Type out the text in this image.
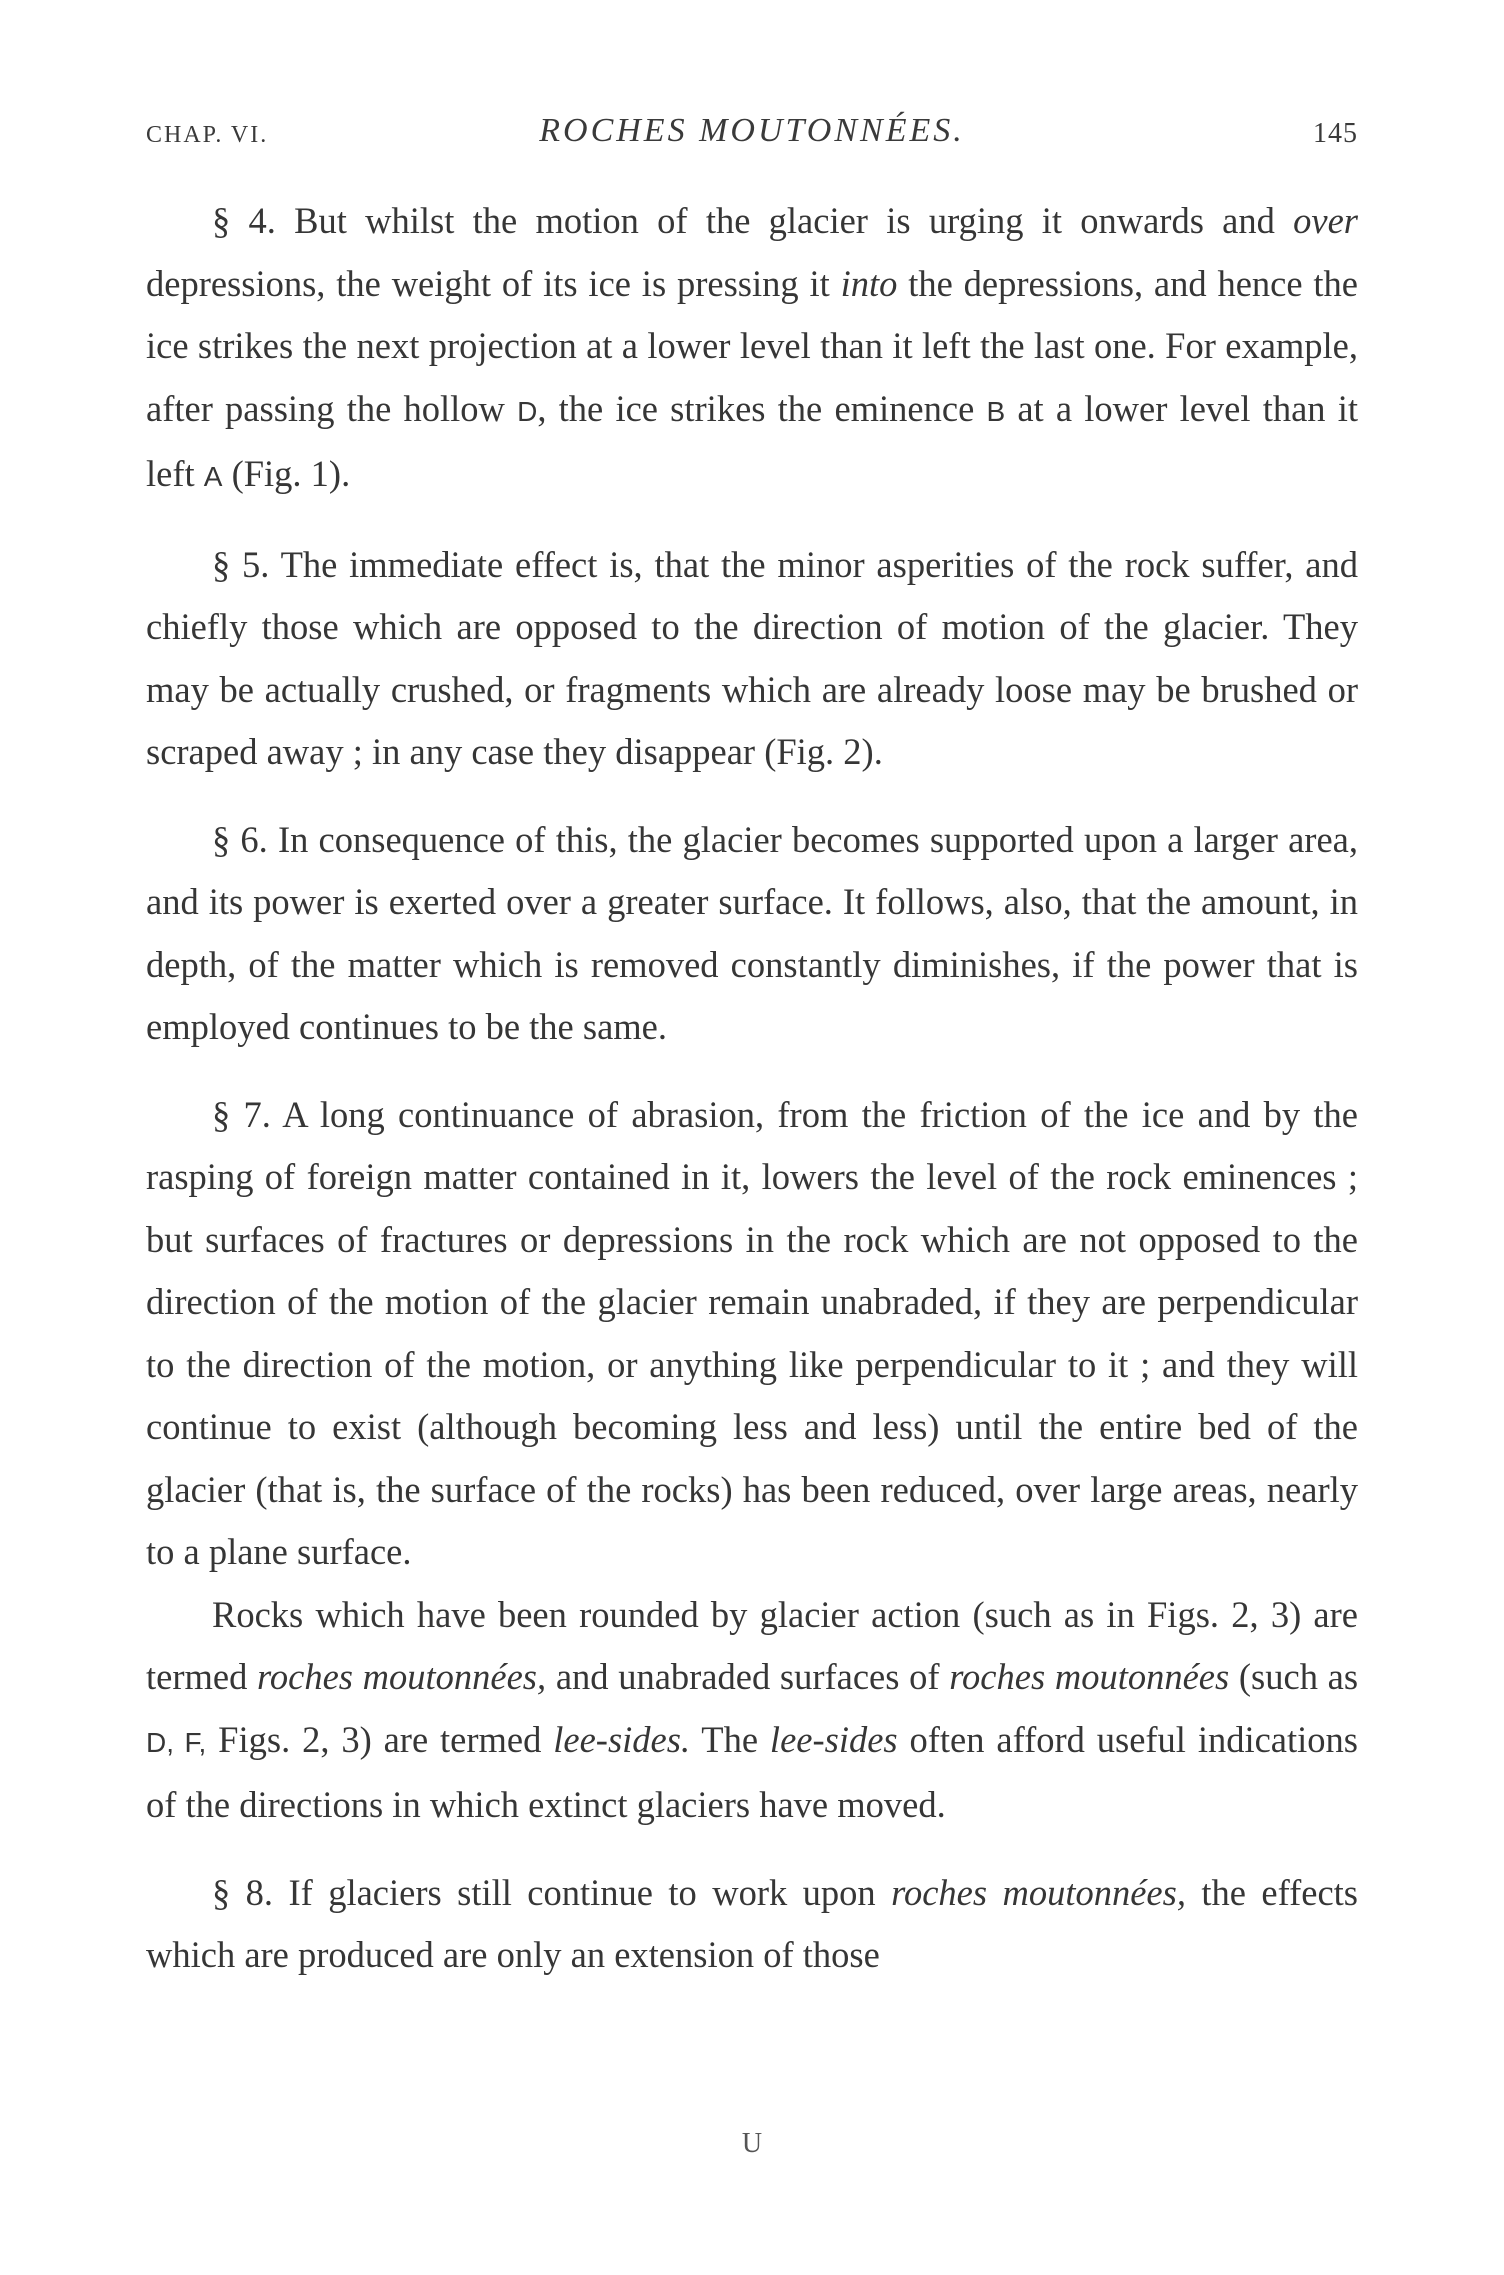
CHAP. VI.	ROCHES MOUTONNÉES.	145

§ 4. But whilst the motion of the glacier is urging it onwards and over depressions, the weight of its ice is pressing it into the depressions, and hence the ice strikes the next projection at a lower level than it left the last one. For example, after passing the hollow D, the ice strikes the eminence B at a lower level than it left A (Fig. 1).

§ 5. The immediate effect is, that the minor asperities of the rock suffer, and chiefly those which are opposed to the direction of motion of the glacier. They may be actually crushed, or fragments which are already loose may be brushed or scraped away ; in any case they disappear (Fig. 2).

§ 6. In consequence of this, the glacier becomes supported upon a larger area, and its power is exerted over a greater surface. It follows, also, that the amount, in depth, of the matter which is removed constantly diminishes, if the power that is employed continues to be the same.

§ 7. A long continuance of abrasion, from the friction of the ice and by the rasping of foreign matter contained in it, lowers the level of the rock eminences ; but surfaces of fractures or depressions in the rock which are not opposed to the direction of the motion of the glacier remain unabraded, if they are perpendicular to the direction of the motion, or anything like perpendicular to it ; and they will continue to exist (although becoming less and less) until the entire bed of the glacier (that is, the surface of the rocks) has been reduced, over large areas, nearly to a plane surface.

Rocks which have been rounded by glacier action (such as in Figs. 2, 3) are termed roches moutonnées, and unabraded surfaces of roches moutonnées (such as D, F, Figs. 2, 3) are termed lee-sides. The lee-sides often afford useful indications of the directions in which extinct glaciers have moved.

§ 8. If glaciers still continue to work upon roches moutonnées, the effects which are produced are only an extension of those

U
